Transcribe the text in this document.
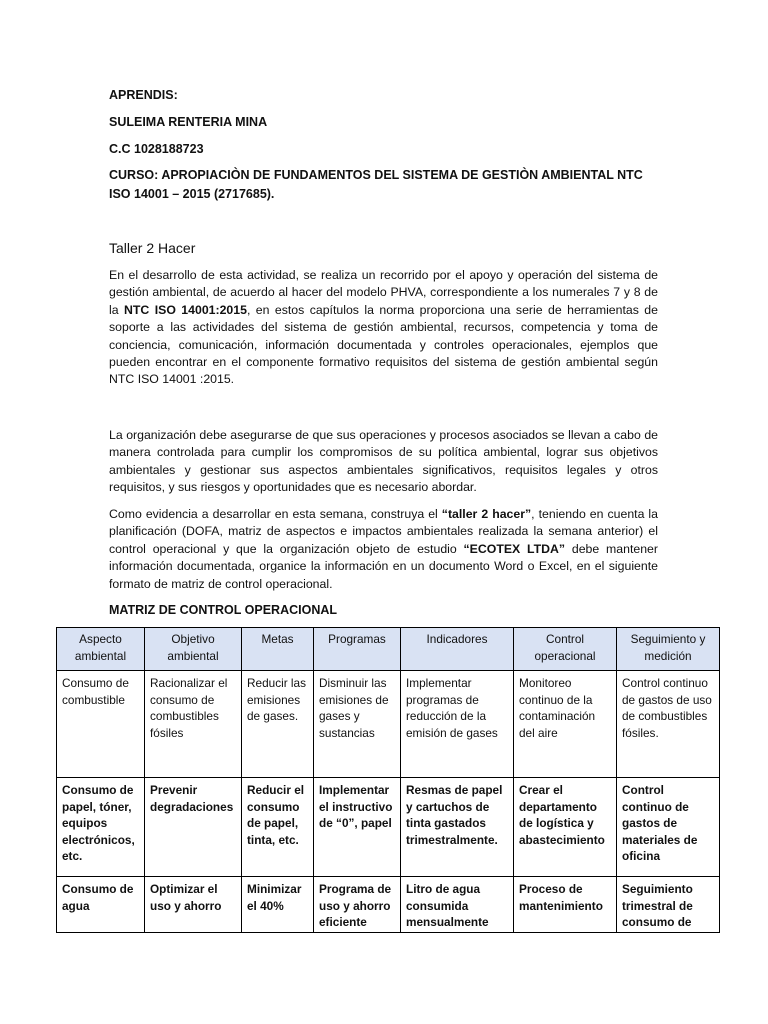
APRENDIS:
SULEIMA RENTERIA MINA
C.C 1028188723
CURSO: APROPIACIÒN DE FUNDAMENTOS DEL SISTEMA DE GESTIÒN AMBIENTAL NTC ISO 14001 – 2015 (2717685).
Taller 2 Hacer

En el desarrollo de esta actividad, se realiza un recorrido por el apoyo y operación del sistema de gestión ambiental, de acuerdo al hacer del modelo PHVA, correspondiente a los numerales 7 y 8 de la NTC ISO 14001:2015, en estos capítulos la norma proporciona una serie de herramientas de soporte a las actividades del sistema de gestión ambiental, recursos, competencia y toma de conciencia, comunicación, información documentada y controles operacionales, ejemplos que pueden encontrar en el componente formativo requisitos del sistema de gestión ambiental según NTC ISO 14001 :2015.

La organización debe asegurarse de que sus operaciones y procesos asociados se llevan a cabo de manera controlada para cumplir los compromisos de su política ambiental, lograr sus objetivos ambientales y gestionar sus aspectos ambientales significativos, requisitos legales y otros requisitos, y sus riesgos y oportunidades que es necesario abordar.

Como evidencia a desarrollar en esta semana, construya el “taller 2 hacer”, teniendo en cuenta la planificación (DOFA, matriz de aspectos e impactos ambientales realizada la semana anterior) el control operacional y que la organización objeto de estudio “ECOTEX LTDA” debe mantener información documentada, organice la información en un documento Word o Excel, en el siguiente formato de matriz de control operacional.

MATRIZ DE CONTROL OPERACIONAL
Aspecto ambiental	Objetivo ambiental	Metas	Programas	Indicadores	Control operacional	Seguimiento y medición
Consumo de combustible	Racionalizar el consumo de combustibles fósiles	Reducir las emisiones de gases.	Disminuir las emisiones de gases y sustancias	Implementar programas de reducción de la emisión de gases	Monitoreo continuo de la contaminación del aire	Control continuo de gastos de uso de combustibles fósiles.
Consumo de papel, tóner, equipos electrónicos, etc.	Prevenir degradaciones	Reducir el consumo de papel, tinta, etc.	Implementar el instructivo de “0”, papel	Resmas de papel y cartuchos de tinta gastados trimestralmente.	Crear el departamento de logística y abastecimiento	Control continuo de gastos de materiales de oficina

Consumo de agua	Optimizar el uso y ahorro	Minimizar el 40%	Programa de uso y ahorro eficiente	Litro de agua consumida mensualmente	Proceso de mantenimiento	Seguimiento trimestral de consumo de
